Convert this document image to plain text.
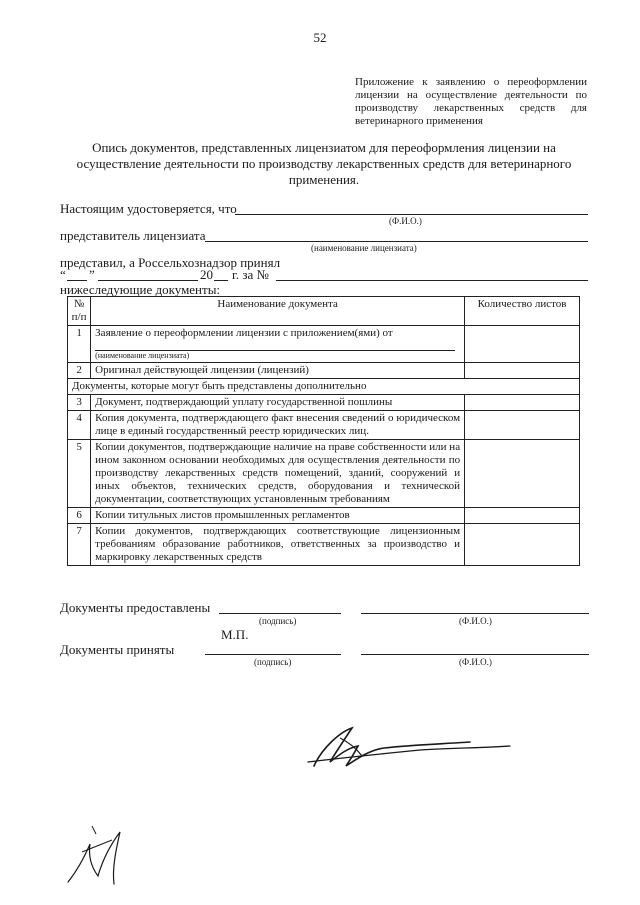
52
Приложение к заявлению о переоформлении лицензии на осуществление деятельности по производству лекарственных средств для ветеринарного применения
Опись документов, представленных лицензиатом для переоформления лицензии на осуществление деятельности по производству лекарственных средств для ветеринарного применения.
Настоящим удостоверяется, что
(Ф.И.О.)
представитель лицензиата
(наименование лицензиата)
представил, а Россельхознадзор принял
“ ”	20 г. за №
нижеследующие документы:
№ п/п	Наименование документа	Количество листов
1	Заявление о переоформлении лицензии с приложением(ями) от
(наименование лицензиата)	

2	Оригинал действующей лицензии (лицензий)	
Документы, которые могут быть представлены дополнительно		
3	Документ, подтверждающий уплату государственной пошлины	
4	Копия документа, подтверждающего факт внесения сведений о юридическом лице в единый государственный реестр юридических лиц.	
5	Копии документов, подтверждающие наличие на праве собственности или на ином законном основании необходимых для осуществления деятельности по производству лекарственных средств помещений, зданий, сооружений и иных объектов, технических средств, оборудования и технической документации, соответствующих установленным требованиям	
6	Копии титульных листов промышленных регламентов	
7	Копии документов, подтверждающих соответствующие лицензионным требованиям образование работников, ответственных за производство и маркировку лекарственных средств	
Документы предоставлены
(подпись)	(Ф.И.О.)
М.П.
Документы приняты
(подпись)	(Ф.И.О.)
